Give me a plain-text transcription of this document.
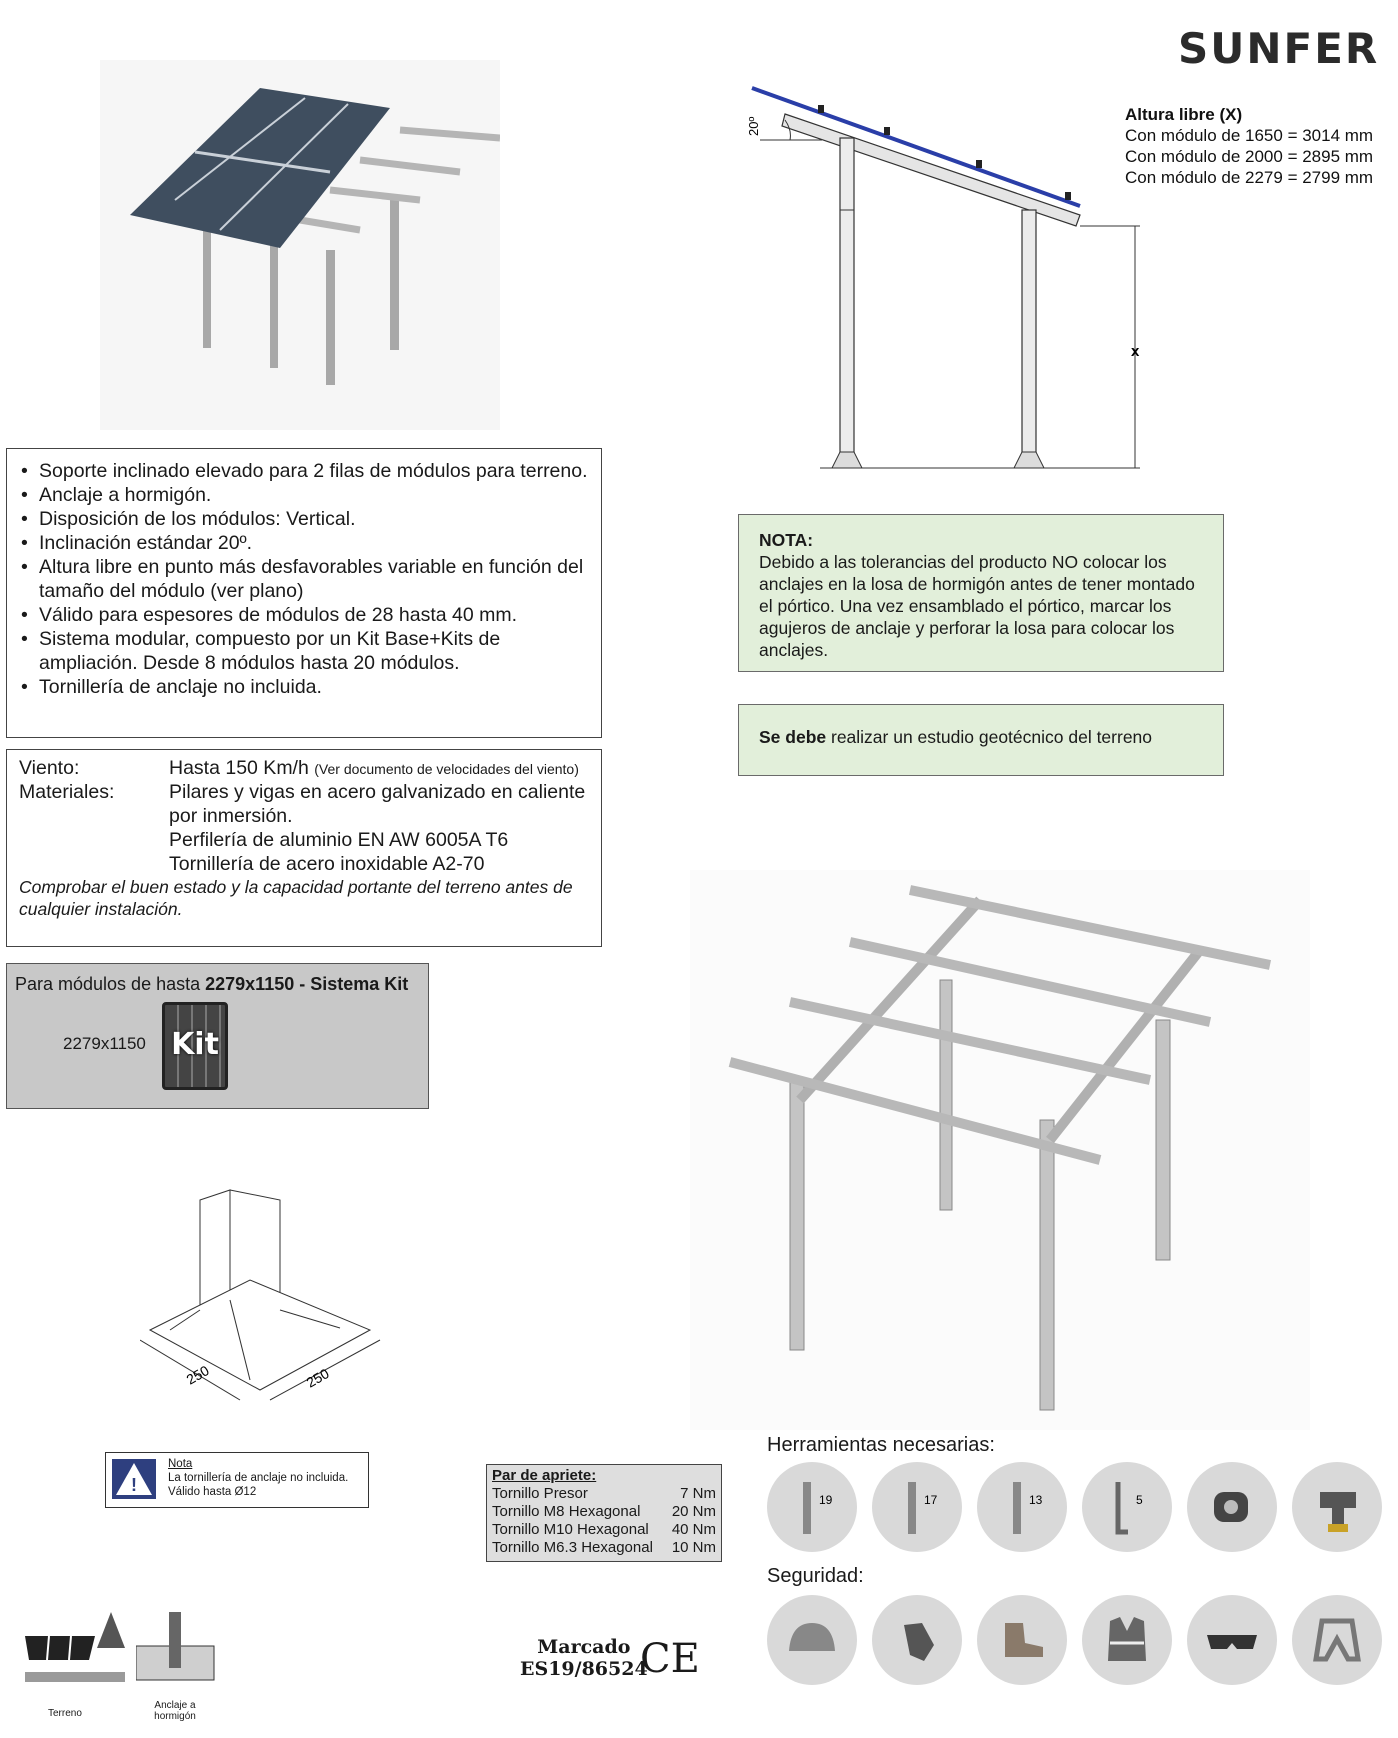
SUNFER
20º
x
Altura libre (X)
Con módulo de 1650 = 3014 mm
Con módulo de 2000 = 2895 mm
Con módulo de 2279 = 2799 mm
• Soporte inclinado elevado para 2 filas de módulos para terreno.
• Anclaje a hormigón.
• Disposición de los módulos: Vertical.
• Inclinación estándar 20º.
• Altura libre en punto más desfavorables variable en función del tamaño del módulo (ver plano)
• Válido para espesores de módulos de 28 hasta 40 mm.
• Sistema modular, compuesto por un Kit Base+Kits de ampliación. Desde 8 módulos hasta 20 módulos.
• Tornillería de anclaje no incluida.
Viento:	Hasta 150 Km/h (Ver documento de velocidades del viento)
Materiales:	Pilares y vigas en acero galvanizado en caliente por inmersión.
Perfilería de aluminio EN AW 6005A T6
Tornillería de acero inoxidable A2-70
Comprobar el buen estado y la capacidad portante del terreno antes de cualquier instalación.
Para módulos de hasta 2279x1150 - Sistema Kit
2279x1150 Kit
NOTA:
Debido a las tolerancias del producto NO colocar los anclajes en la losa de hormigón antes de tener montado el pórtico. Una vez ensamblado el pórtico, marcar los agujeros de anclaje y perforar la losa para colocar los anclajes.
Se debe realizar un estudio geotécnico del terreno
250	250
!
Nota
La tornillería de anclaje no incluida.
Válido hasta Ø12
Par de apriete:
Tornillo Presor	7 Nm
Tornillo M8 Hexagonal 20 Nm
Tornillo M10 Hexagonal 40 Nm
Tornillo M6.3 Hexagonal 10 Nm
Herramientas necesarias:
19	17	13	5
Seguridad:
Terreno
Anclaje a hormigón
Marcado
ES19/86524
CE
